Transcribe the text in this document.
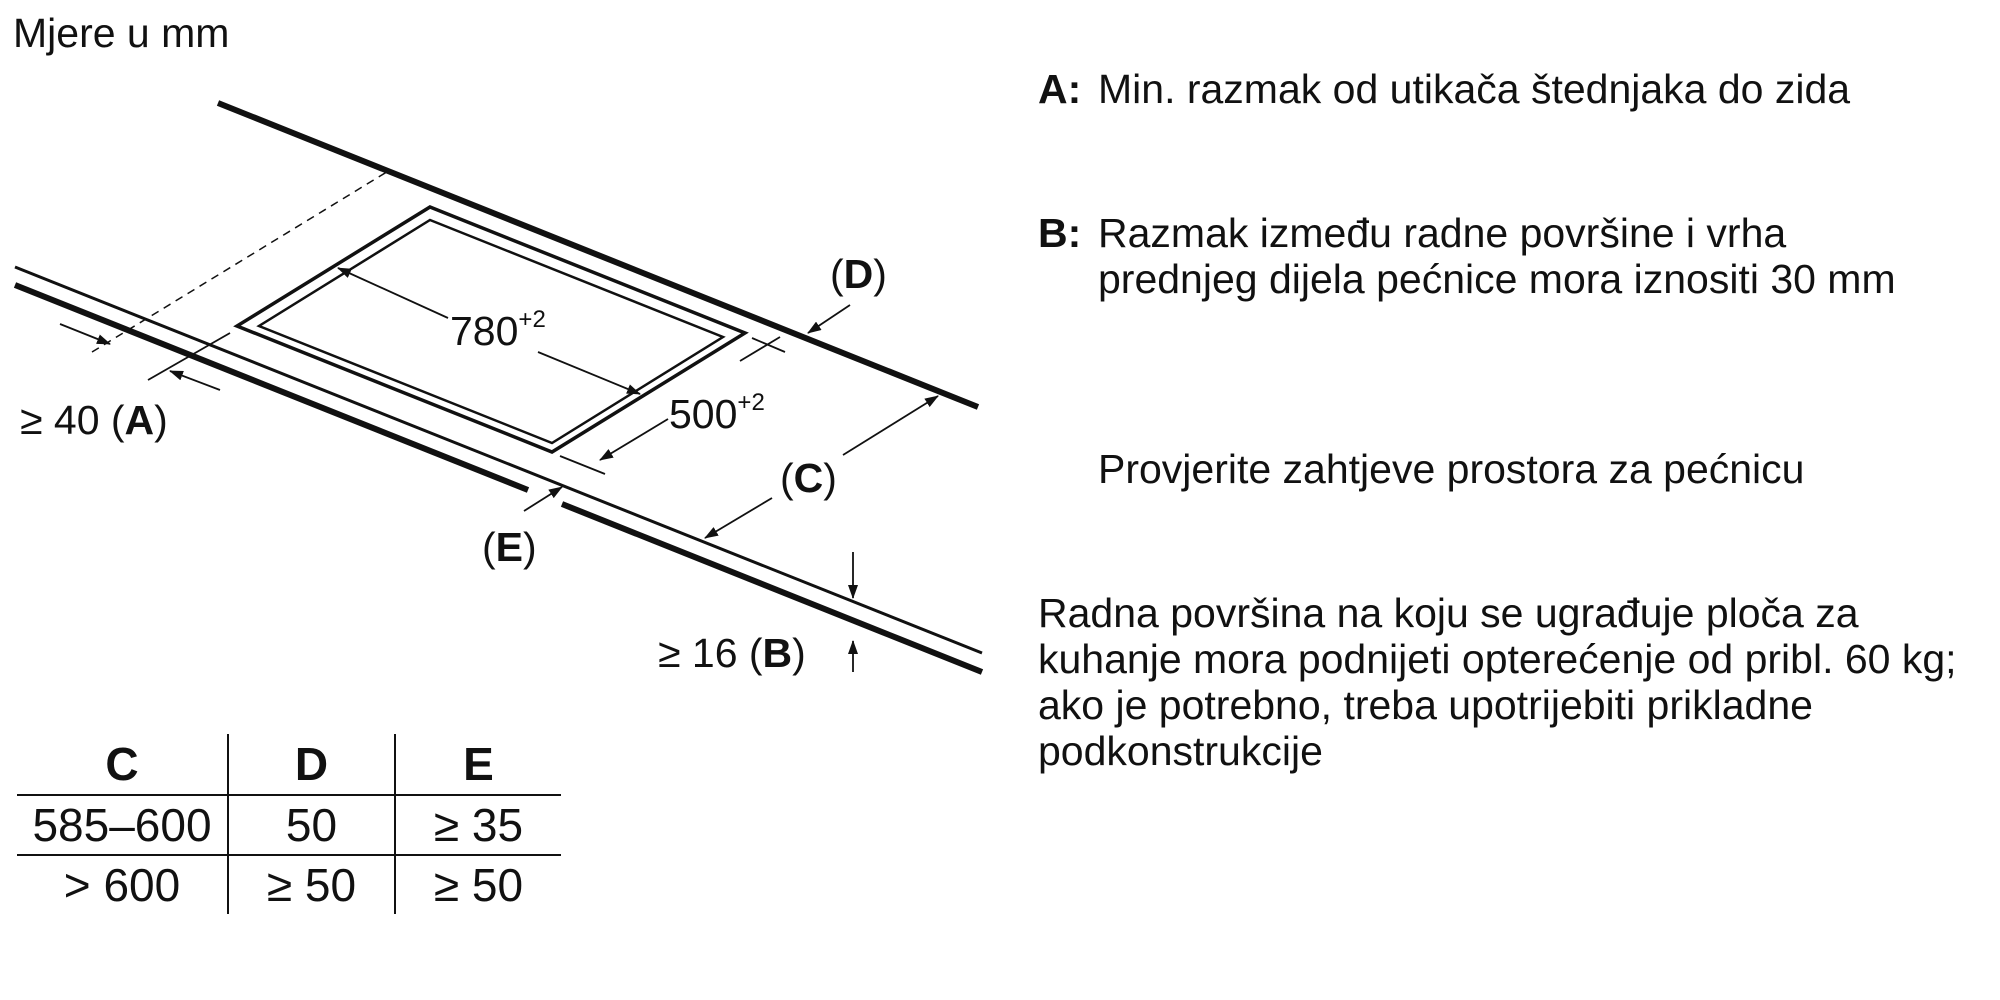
Mjere u mm
$780^{+2}$
$500^{+2}$
≥ 40 (A)
≥ 16 (B)
(C)
(D)
(E)
C	D	E
585–600	50	≥ 35
> 600	≥ 50	≥ 50
A: Min. razmak od utikača štednjaka do zida
B: Razmak između radne površine i vrha prednjeg dijela pećnice mora iznositi 30 mm
Provjerite zahtjeve prostora za pećnicu
Radna površina na koju se ugrađuje ploča za kuhanje mora podnijeti opterećenje od pribl. 60 kg; ako je potrebno, treba upotrijebiti prikladne podkonstrukcije
